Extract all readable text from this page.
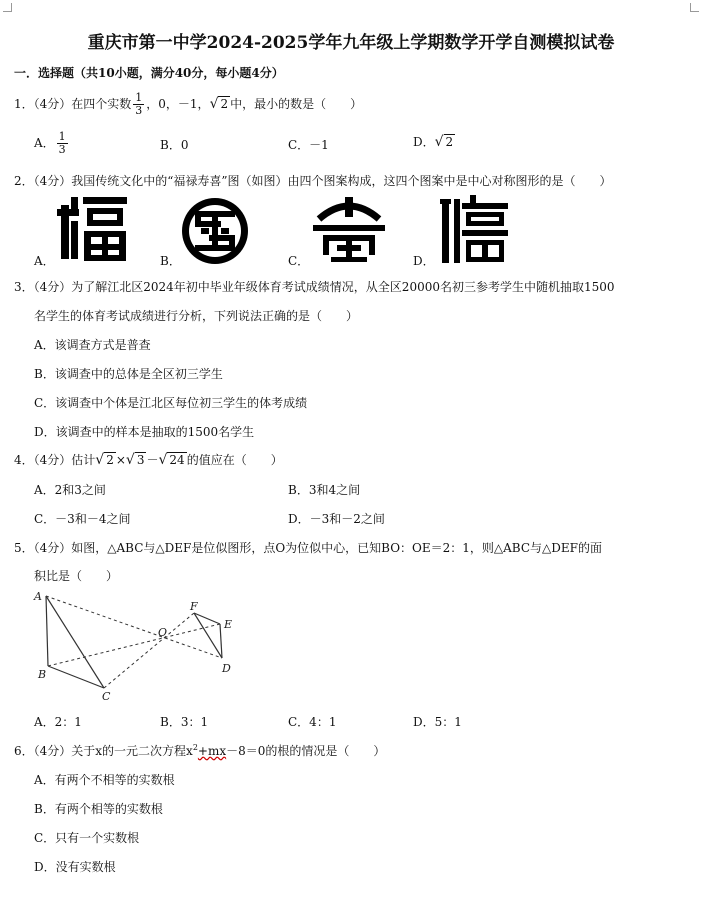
重庆市第一中学2024-2025学年九年级上学期数学开学自测模拟试卷
一．选择题（共10小题，满分40分，每小题4分）
1．（4分）在四个实数 $\frac{1}{3}$ ，0，－1，√ 2 中，最小的数是（　　）
A． $\frac{1}{3}$	B．0	C．－1	D．√ 2
2．（4分）我国传统文化中的“福禄寿喜”图（如图）由四个图案构成，这四个图案中是中心对称图形的是（　　）
A．	B．	C．	D．
3．（4分）为了解江北区2024年初中毕业年级体育考试成绩情况，从全区20000名初三参考学生中随机抽取1500
名学生的体育考试成绩进行分析，下列说法正确的是（　　）
A．该调查方式是普查
B．该调查中的总体是全区初三学生
C．该调查中个体是江北区每位初三学生的体考成绩
D．该调查中的样本是抽取的1500名学生
4．（4分）估计√ 2 ×√ 3 －√ 24 的值应在（　　）
A．2和3之间	B．3和4之间
C．－3和－4之间	D．－3和－2之间
5．（4分）如图，△ABC与△DEF是位似图形，点O为位似中心，已知BO：OE＝2：1，则△ABC与△DEF的面
积比是（　　）
A
B
C
O
F
E
D
A．2：1	B．3：1	C．4：1	D．5：1
6．（4分）关于x的一元二次方程$x^2+mx-8=0$的根的情况是（　　）
A．有两个不相等的实数根
B．有两个相等的实数根
C．只有一个实数根
D．没有实数根
